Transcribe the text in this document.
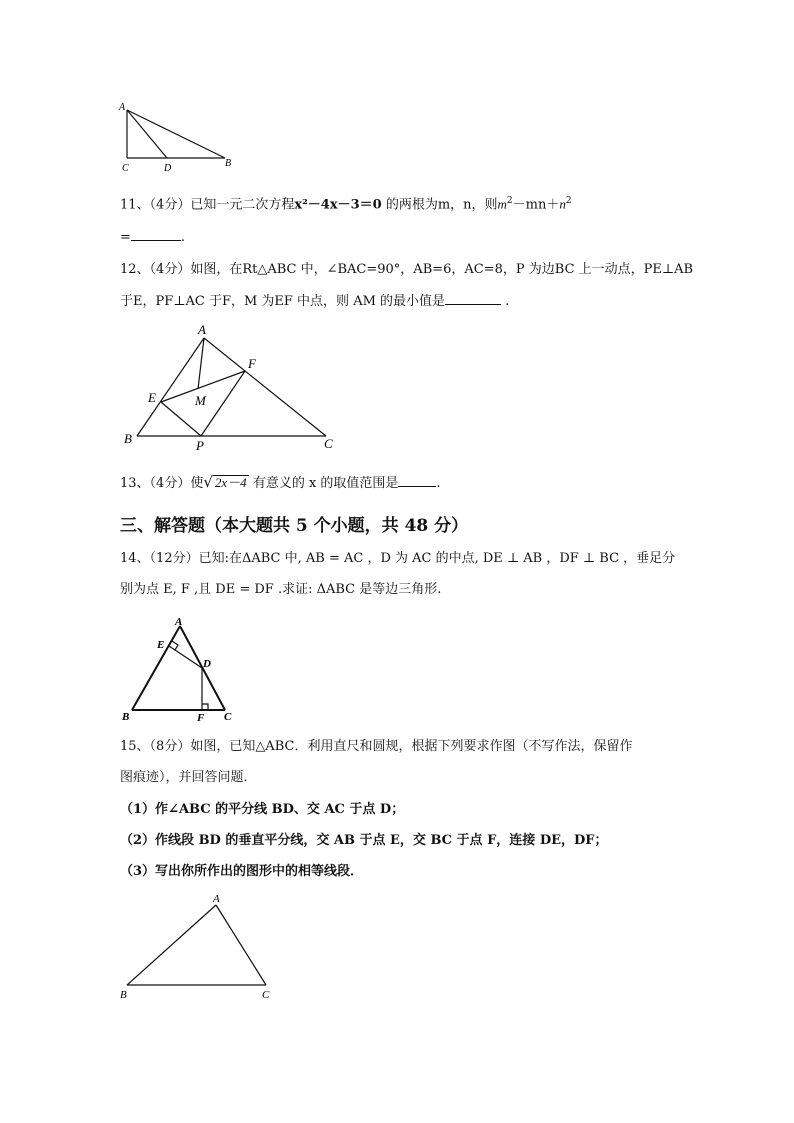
A
C	D	B
11、（4分）已知一元二次方程x²－4x－3＝0 的两根为m，n，则$m^2-mn+n^2$
=	.
12、（4分）如图，在Rt△ABC 中，∠BAC=90°，AB=6，AC=8，P 为边BC 上一动点，PE⊥AB
于E，PF⊥AC 于F，M 为EF 中点，则 AM 的最小值是	.
A
E
F
M
B	P	C
13、（4分）使√ 2x－4 有意义的 x 的取值范围是	.
三、解答题（本大题共 5 个小题，共 48 分）
14、（12分）已知:在ΔABC 中, AB = AC ，D 为 AC 的中点, DE ⊥ AB ，DF ⊥ BC ，垂足分
别为点 E, F ,且 DE = DF .求证: ΔABC 是等边三角形.
A
E
D
B	F C
15、（8分）如图，已知△ABC．利用直尺和圆规，根据下列要求作图（不写作法，保留作
图痕迹），并回答问题．
（1）作∠ABC 的平分线 BD、交 AC 于点 D；
（2）作线段 BD 的垂直平分线，交 AB 于点 E，交 BC 于点 F，连接 DE，DF；
（3）写出你所作出的图形中的相等线段．
A
B	C
